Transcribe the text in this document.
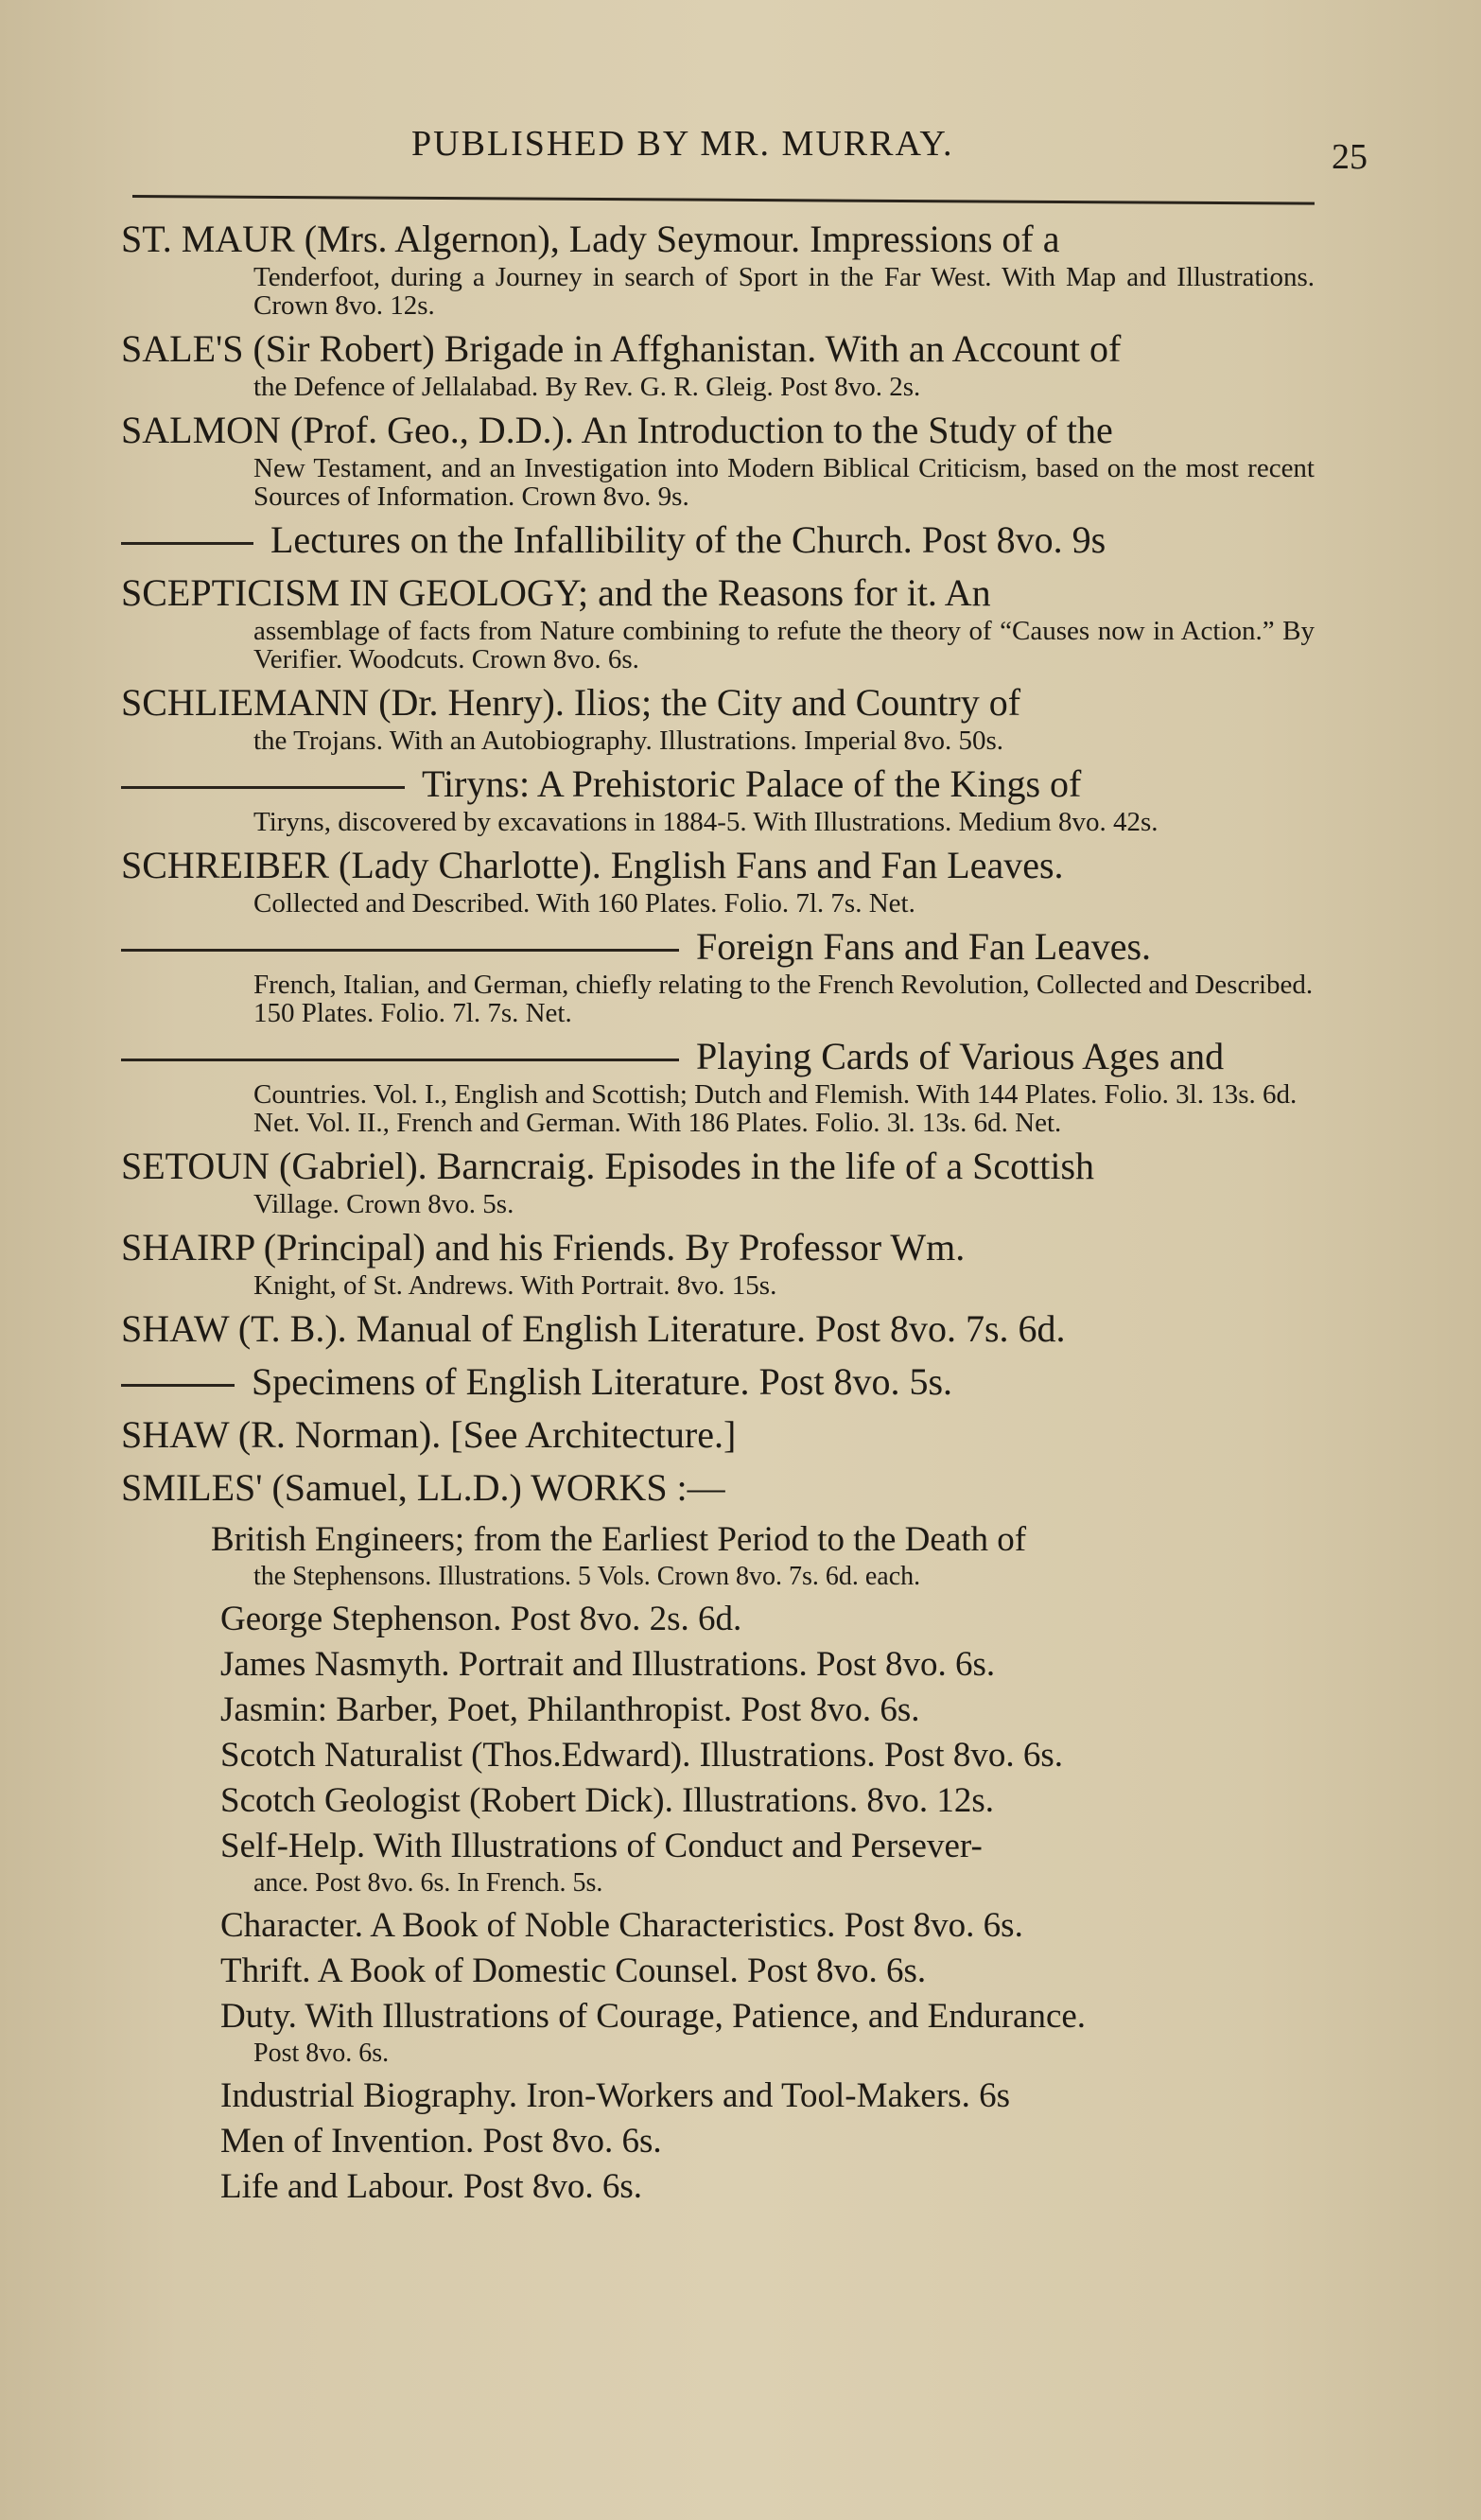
PUBLISHED BY MR. MURRAY.	25
ST. MAUR (Mrs. Algernon), Lady Seymour. Impressions of a
Tenderfoot, during a Journey in search of Sport in the Far West. With Map and Illustrations. Crown 8vo. 12s.
SALE'S (Sir Robert) Brigade in Affghanistan. With an Account of
the Defence of Jellalabad. By Rev. G. R. Gleig. Post 8vo. 2s.
SALMON (Prof. Geo., D.D.). An Introduction to the Study of the
New Testament, and an Investigation into Modern Biblical Criticism, based on the most recent Sources of Information. Crown 8vo. 9s.
Lectures on the Infallibility of the Church. Post 8vo. 9s
SCEPTICISM IN GEOLOGY; and the Reasons for it. An
assemblage of facts from Nature combining to refute the theory of “Causes now in Action.” By Verifier. Woodcuts. Crown 8vo. 6s.
SCHLIEMANN (Dr. Henry). Ilios; the City and Country of
the Trojans. With an Autobiography. Illustrations. Imperial 8vo. 50s.
Tiryns: A Prehistoric Palace of the Kings of
Tiryns, discovered by excavations in 1884-5. With Illustrations. Medium 8vo. 42s.
SCHREIBER (Lady Charlotte). English Fans and Fan Leaves.
Collected and Described. With 160 Plates. Folio. 7l. 7s. Net.
Foreign Fans and Fan Leaves.
French, Italian, and German, chiefly relating to the French Revolution, Collected and Described. 150 Plates. Folio. 7l. 7s. Net.
Playing Cards of Various Ages and
Countries. Vol. I., English and Scottish; Dutch and Flemish. With 144 Plates. Folio. 3l. 13s. 6d. Net. Vol. II., French and German. With 186 Plates. Folio. 3l. 13s. 6d. Net.
SETOUN (Gabriel). Barncraig. Episodes in the life of a Scottish
Village. Crown 8vo. 5s.
SHAIRP (Principal) and his Friends. By Professor Wm.
Knight, of St. Andrews. With Portrait. 8vo. 15s.
SHAW (T. B.). Manual of English Literature. Post 8vo. 7s. 6d.
Specimens of English Literature. Post 8vo. 5s.
SHAW (R. Norman). [See Architecture.]
SMILES' (Samuel, LL.D.) WORKS :—
British Engineers; from the Earliest Period to the Death of
the Stephensons. Illustrations. 5 Vols. Crown 8vo. 7s. 6d. each.
George Stephenson. Post 8vo. 2s. 6d.
James Nasmyth. Portrait and Illustrations. Post 8vo. 6s.
Jasmin: Barber, Poet, Philanthropist. Post 8vo. 6s.
Scotch Naturalist (Thos.Edward). Illustrations. Post 8vo. 6s.
Scotch Geologist (Robert Dick). Illustrations. 8vo. 12s.
Self-Help. With Illustrations of Conduct and Persever-
ance. Post 8vo. 6s. In French. 5s.
Character. A Book of Noble Characteristics. Post 8vo. 6s.
Thrift. A Book of Domestic Counsel. Post 8vo. 6s.
Duty. With Illustrations of Courage, Patience, and Endurance.
Post 8vo. 6s.
Industrial Biography. Iron-Workers and Tool-Makers. 6s
Men of Invention. Post 8vo. 6s.
Life and Labour. Post 8vo. 6s.
